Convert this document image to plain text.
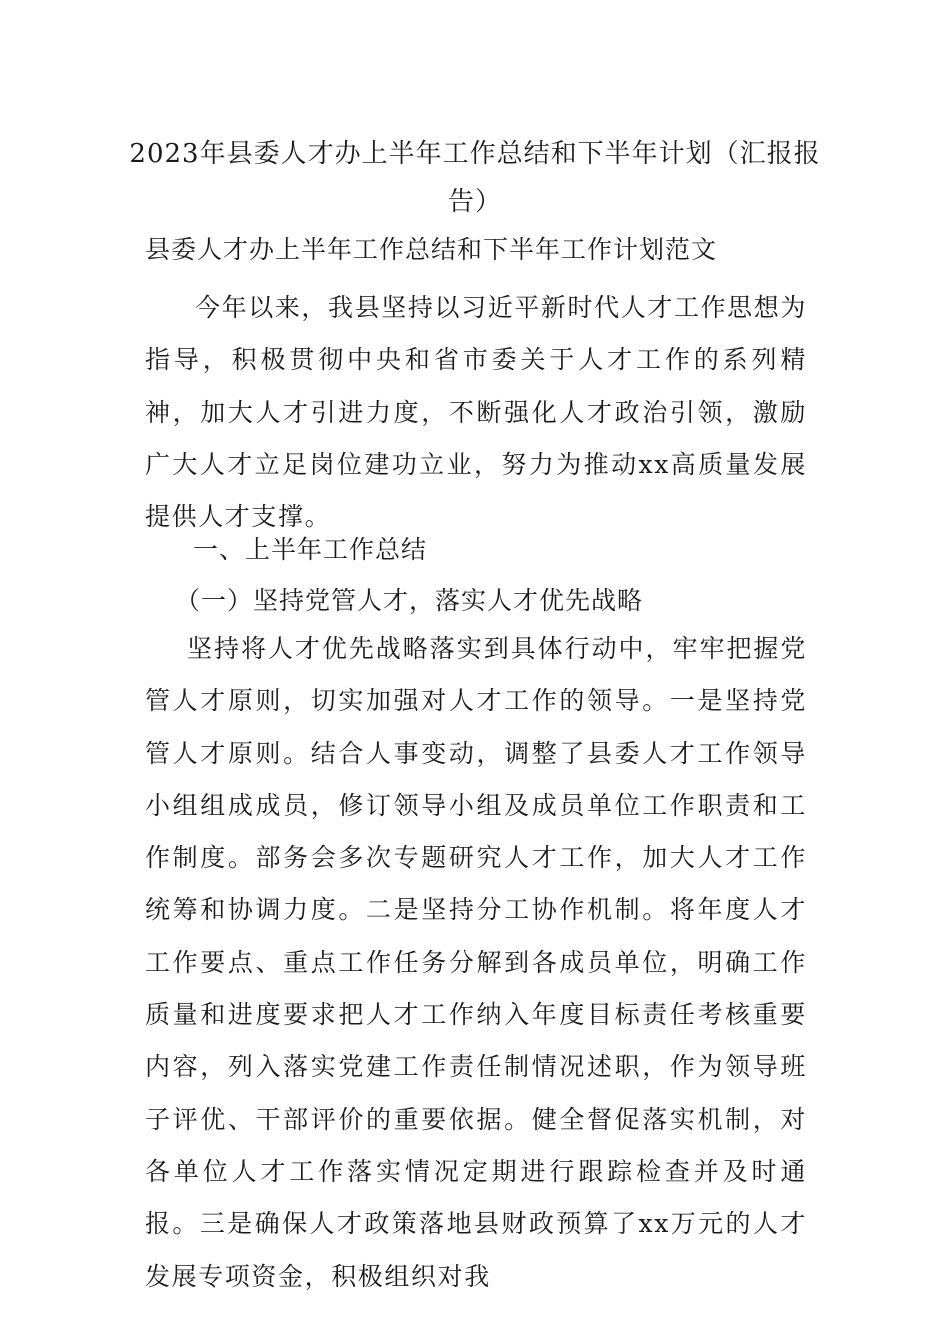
2023年县委人才办上半年工作总结和下半年计划（汇报报告）
县委人才办上半年工作总结和下半年工作计划范文

今年以来，我县坚持以习近平新时代人才工作思想为指导，积极贯彻中央和省市委关于人才工作的系列精神，加大人才引进力度，不断强化人才政治引领，激励广大人才立足岗位建功立业，努力为推动xx高质量发展提供人才支撑。

一、上半年工作总结
（一）坚持党管人才，落实人才优先战略

坚持将人才优先战略落实到具体行动中，牢牢把握党管人才原则，切实加强对人才工作的领导。一是坚持党管人才原则。结合人事变动，调整了县委人才工作领导小组组成成员，修订领导小组及成员单位工作职责和工作制度。部务会多次专题研究人才工作，加大人才工作统筹和协调力度。二是坚持分工协作机制。将年度人才工作要点、重点工作任务分解到各成员单位，明确工作质量和进度要求把人才工作纳入年度目标责任考核重要内容，列入落实党建工作责任制情况述职，作为领导班子评优、干部评价的重要依据。健全督促落实机制，对各单位人才工作落实情况定期进行跟踪检查并及时通报。三是确保人才政策落地县财政预算了xx万元的人才发展专项资金，积极组织对我
